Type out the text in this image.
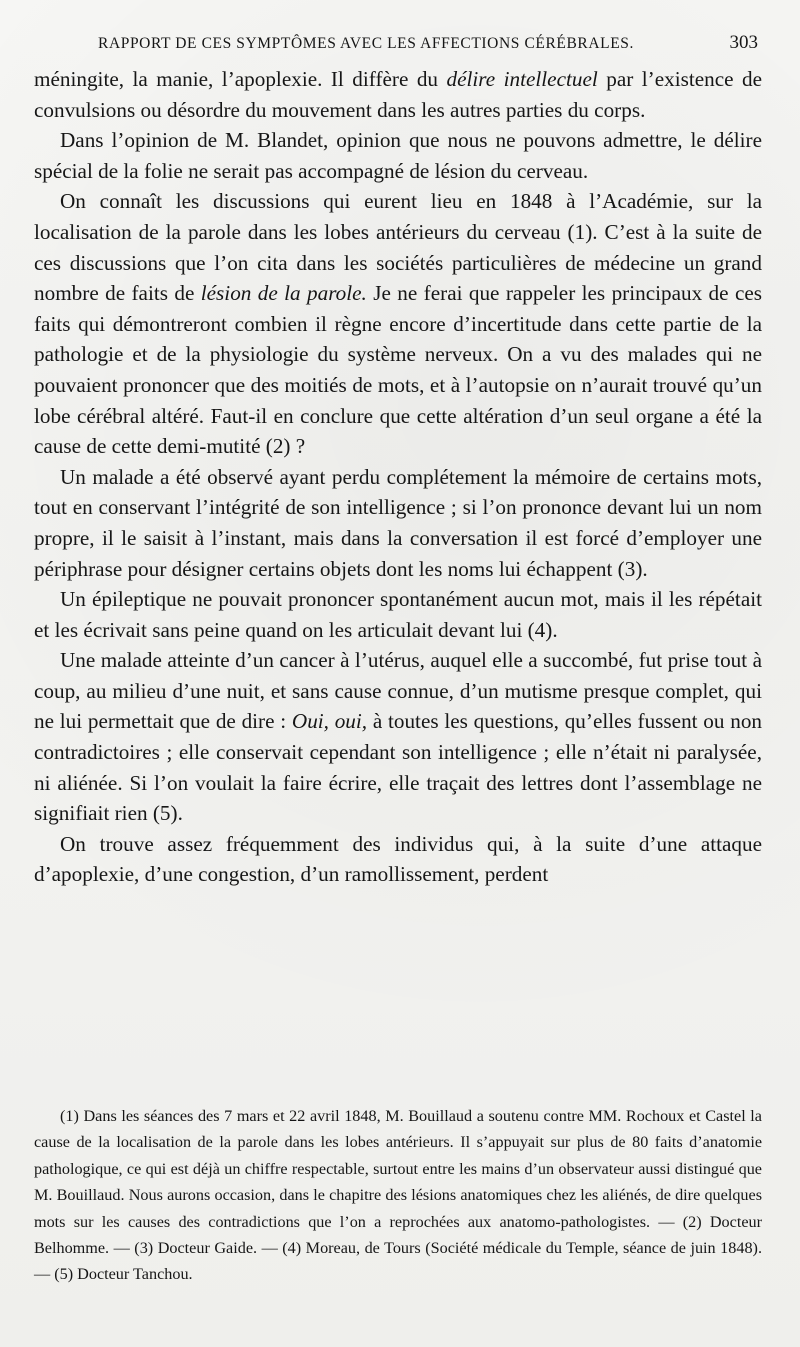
RAPPORT DE CES SYMPTÔMES AVEC LES AFFECTIONS CÉRÉBRALES.	303

méningite, la manie, l’apoplexie. Il diffère du délire intellectuel par l’existence de convulsions ou désordre du mouvement dans les autres parties du corps.

Dans l’opinion de M. Blandet, opinion que nous ne pouvons admettre, le délire spécial de la folie ne serait pas accompagné de lésion du cerveau.

On connaît les discussions qui eurent lieu en 1848 à l’Académie, sur la localisation de la parole dans les lobes antérieurs du cerveau (1). C’est à la suite de ces discussions que l’on cita dans les sociétés particulières de médecine un grand nombre de faits de lésion de la parole. Je ne ferai que rappeler les principaux de ces faits qui démontreront combien il règne encore d’incertitude dans cette partie de la pathologie et de la physiologie du système nerveux. On a vu des malades qui ne pouvaient prononcer que des moitiés de mots, et à l’autopsie on n’aurait trouvé qu’un lobe cérébral altéré. Faut-il en conclure que cette altération d’un seul organe a été la cause de cette demi-mutité (2) ?

Un malade a été observé ayant perdu complétement la mémoire de certains mots, tout en conservant l’intégrité de son intelligence ; si l’on prononce devant lui un nom propre, il le saisit à l’instant, mais dans la conversation il est forcé d’employer une périphrase pour désigner certains objets dont les noms lui échappent (3).

Un épileptique ne pouvait prononcer spontanément aucun mot, mais il les répétait et les écrivait sans peine quand on les articulait devant lui (4).

Une malade atteinte d’un cancer à l’utérus, auquel elle a succombé, fut prise tout à coup, au milieu d’une nuit, et sans cause connue, d’un mutisme presque complet, qui ne lui permettait que de dire : Oui, oui, à toutes les questions, qu’elles fussent ou non contradictoires ; elle conservait cependant son intelligence ; elle n’était ni paralysée, ni aliénée. Si l’on voulait la faire écrire, elle traçait des lettres dont l’assemblage ne signifiait rien (5).

On trouve assez fréquemment des individus qui, à la suite d’une attaque d’apoplexie, d’une congestion, d’un ramollissement, perdent

(1) Dans les séances des 7 mars et 22 avril 1848, M. Bouillaud a soutenu contre MM. Rochoux et Castel la cause de la localisation de la parole dans les lobes antérieurs. Il s’appuyait sur plus de 80 faits d’anatomie pathologique, ce qui est déjà un chiffre respectable, surtout entre les mains d’un observateur aussi distingué que M. Bouillaud. Nous aurons occasion, dans le chapitre des lésions anatomiques chez les aliénés, de dire quelques mots sur les causes des contradictions que l’on a reprochées aux anatomo-pathologistes. — (2) Docteur Belhomme. — (3) Docteur Gaide. — (4) Moreau, de Tours (Société médicale du Temple, séance de juin 1848). — (5) Docteur Tanchou.
